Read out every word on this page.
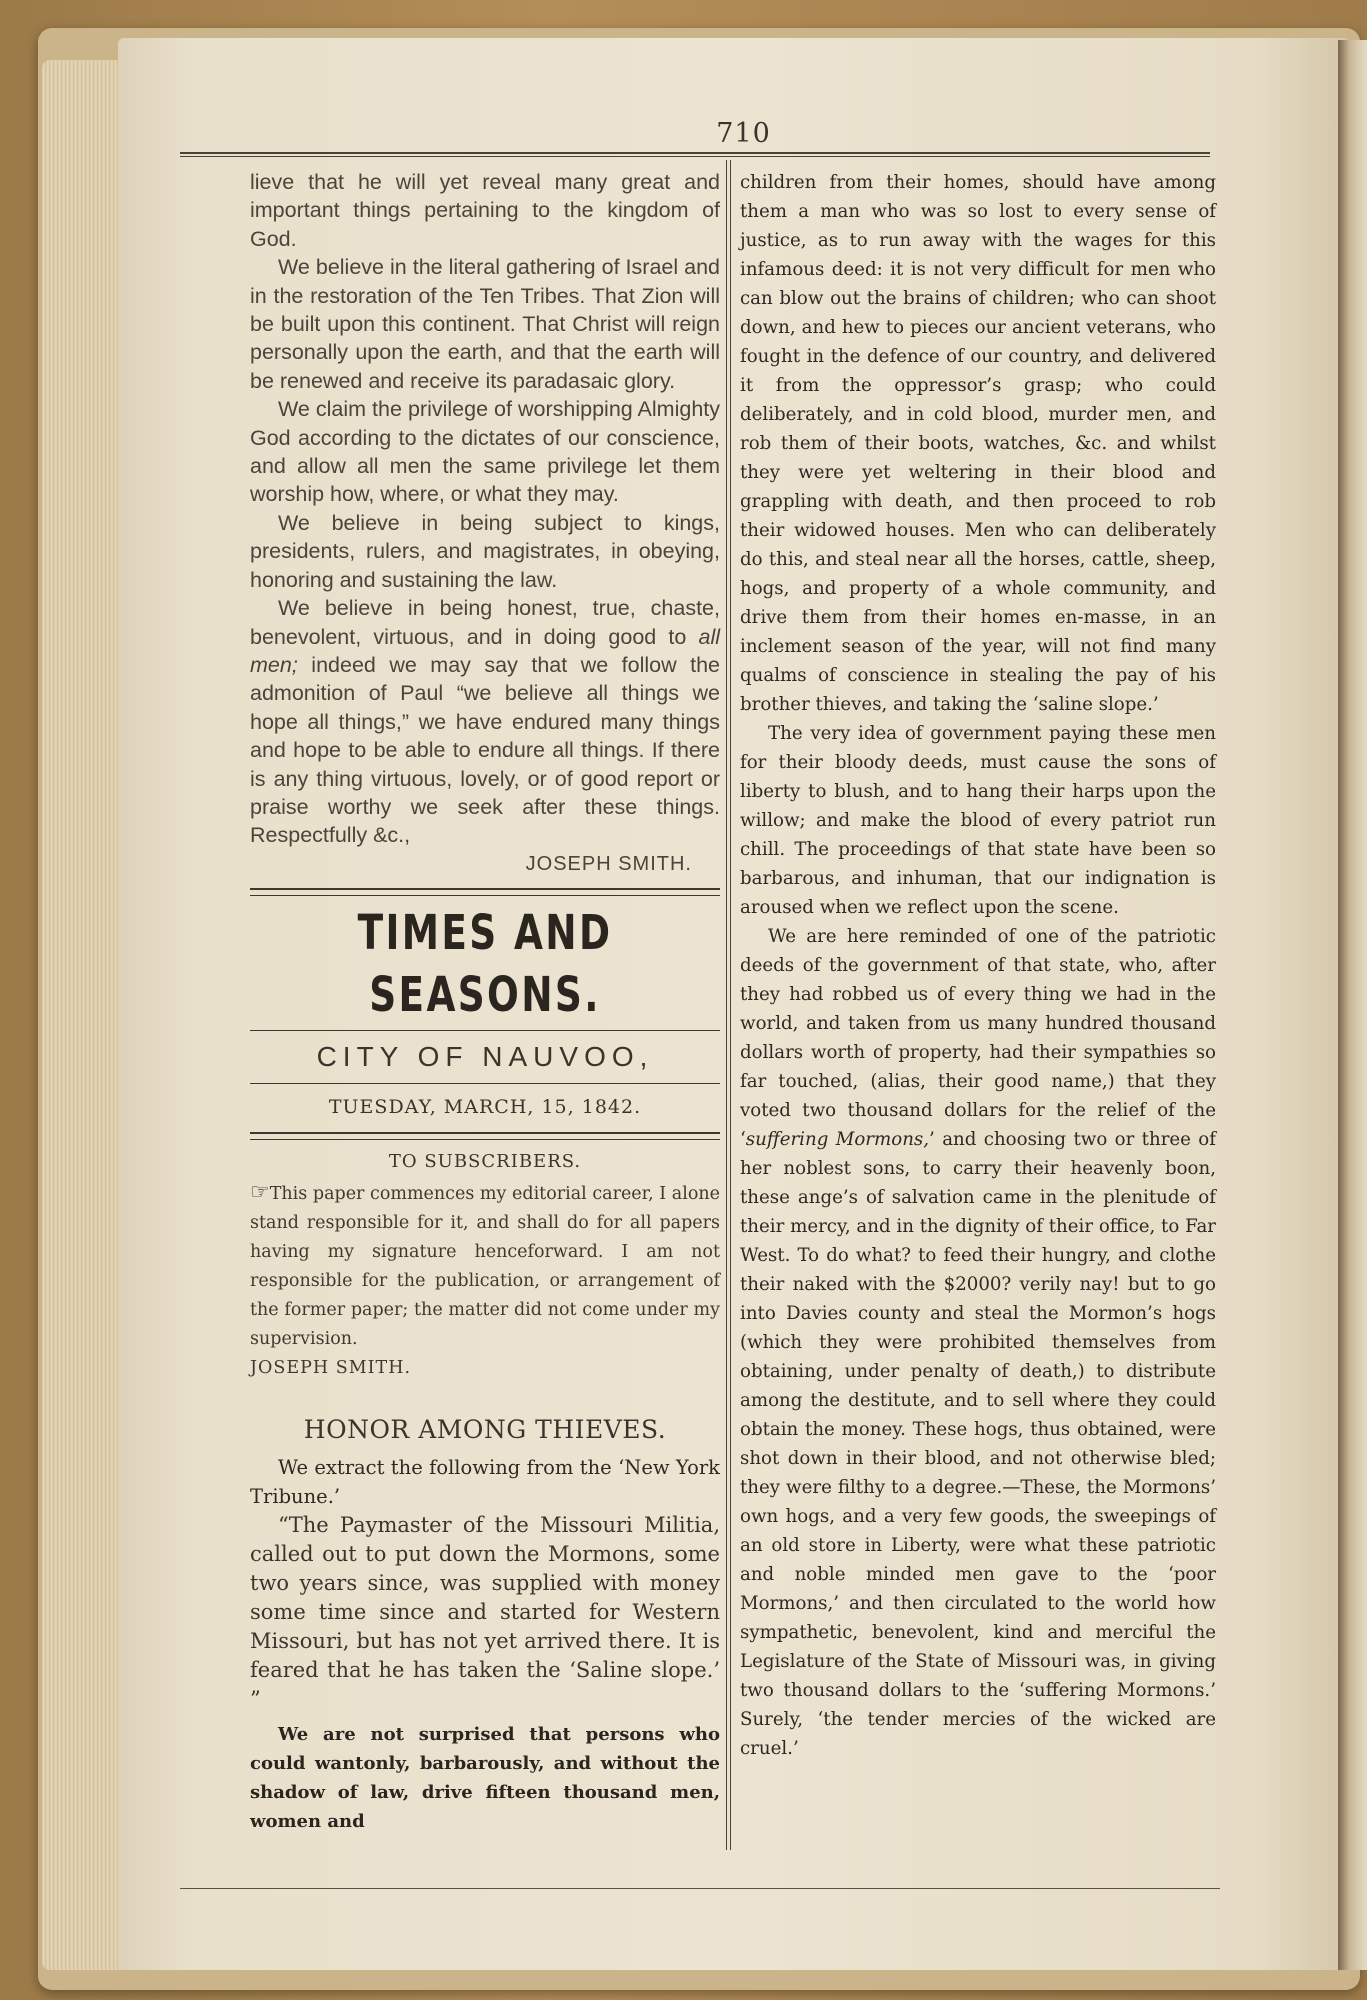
710

lieve that he will yet reveal many great and important things pertaining to the kingdom of God.

We believe in the literal gathering of Israel and in the restoration of the Ten Tribes. That Zion will be built upon this continent. That Christ will reign personally upon the earth, and that the earth will be renewed and receive its paradasaic glory.

We claim the privilege of worshipping Almighty God according to the dictates of our conscience, and allow all men the same privilege let them worship how, where, or what they may.

We believe in being subject to kings, presidents, rulers, and magistrates, in obeying, honoring and sustaining the law.

We believe in being honest, true, chaste, benevolent, virtuous, and in doing good to all men; indeed we may say that we follow the admonition of Paul “we believe all things we hope all things,” we have endured many things and hope to be able to endure all things. If there is any thing virtuous, lovely, or of good report or praise worthy we seek after these things. Respectfully &c.,

JOSEPH SMITH.

TIMES AND SEASONS.
CITY OF NAUVOO,
TUESDAY, MARCH, 15, 1842.
TO SUBSCRIBERS.

☞This paper commences my editorial career, I alone stand responsible for it, and shall do for all papers having my signature henceforward. I am not responsible for the publication, or arrangement of the former paper; the matter did not come under my supervision.

JOSEPH SMITH.

HONOR AMONG THIEVES.

We extract the following from the ‘New York Tribune.’

“The Paymaster of the Missouri Militia, called out to put down the Mormons, some two years since, was supplied with money some time since and started for Western Missouri, but has not yet arrived there. It is feared that he has taken the ‘Saline slope.’ ”

We are not surprised that persons who could wantonly, barbarously, and without the shadow of law, drive fifteen thousand men, women and

children from their homes, should have among them a man who was so lost to every sense of justice, as to run away with the wages for this infamous deed: it is not very difficult for men who can blow out the brains of children; who can shoot down, and hew to pieces our ancient veterans, who fought in the defence of our country, and delivered it from the oppressor’s grasp; who could deliberately, and in cold blood, murder men, and rob them of their boots, watches, &c. and whilst they were yet weltering in their blood and grappling with death, and then proceed to rob their widowed houses. Men who can deliberately do this, and steal near all the horses, cattle, sheep, hogs, and property of a whole community, and drive them from their homes en-masse, in an inclement season of the year, will not find many qualms of conscience in stealing the pay of his brother thieves, and taking the ‘saline slope.’

The very idea of government paying these men for their bloody deeds, must cause the sons of liberty to blush, and to hang their harps upon the willow; and make the blood of every patriot run chill. The proceedings of that state have been so barbarous, and inhuman, that our indignation is aroused when we reflect upon the scene.

We are here reminded of one of the patriotic deeds of the government of that state, who, after they had robbed us of every thing we had in the world, and taken from us many hundred thousand dollars worth of property, had their sympathies so far touched, (alias, their good name,) that they voted two thousand dollars for the relief of the ‘suffering Mormons,’ and choosing two or three of her noblest sons, to carry their heavenly boon, these ange’s of salvation came in the plenitude of their mercy, and in the dignity of their office, to Far West. To do what? to feed their hungry, and clothe their naked with the $2000? verily nay! but to go into Davies county and steal the Mormon’s hogs (which they were prohibited themselves from obtaining, under penalty of death,) to distribute among the destitute, and to sell where they could obtain the money. These hogs, thus obtained, were shot down in their blood, and not otherwise bled; they were filthy to a degree.—These, the Mormons’ own hogs, and a very few goods, the sweepings of an old store in Liberty, were what these patriotic and noble minded men gave to the ‘poor Mormons,’ and then circulated to the world how sympathetic, benevolent, kind and merciful the Legislature of the State of Missouri was, in giving two thousand dollars to the ‘suffering Mormons.’ Surely, ‘the tender mercies of the wicked are cruel.’
